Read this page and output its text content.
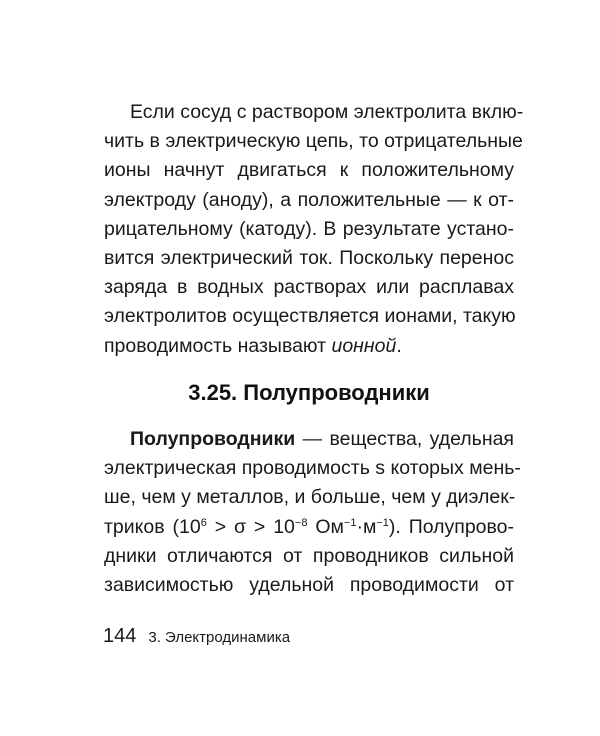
Если сосуд с раствором электролита вклю-
чить в электрическую цепь, то отрицательные
ионы начнут двигаться к положительному
электроду (аноду), а положительные — к от-
рицательному (катоду). В результате устано-
вится электрический ток. Поскольку перенос
заряда в водных растворах или расплавах
электролитов осуществляется ионами, такую
проводимость называют ионной.
3.25. Полупроводники
Полупроводники — вещества, удельная
электрическая проводимость s которых мень-
ше, чем у металлов, и больше, чем у диэлек-
триков ($10^6 > \sigma > 10^{-8}$ $Ом^{-1}\cdot м^{-1}$). Полупрово-
дники отличаются от проводников сильной
зависимостью удельной проводимости от
144 3. Электродинамика
